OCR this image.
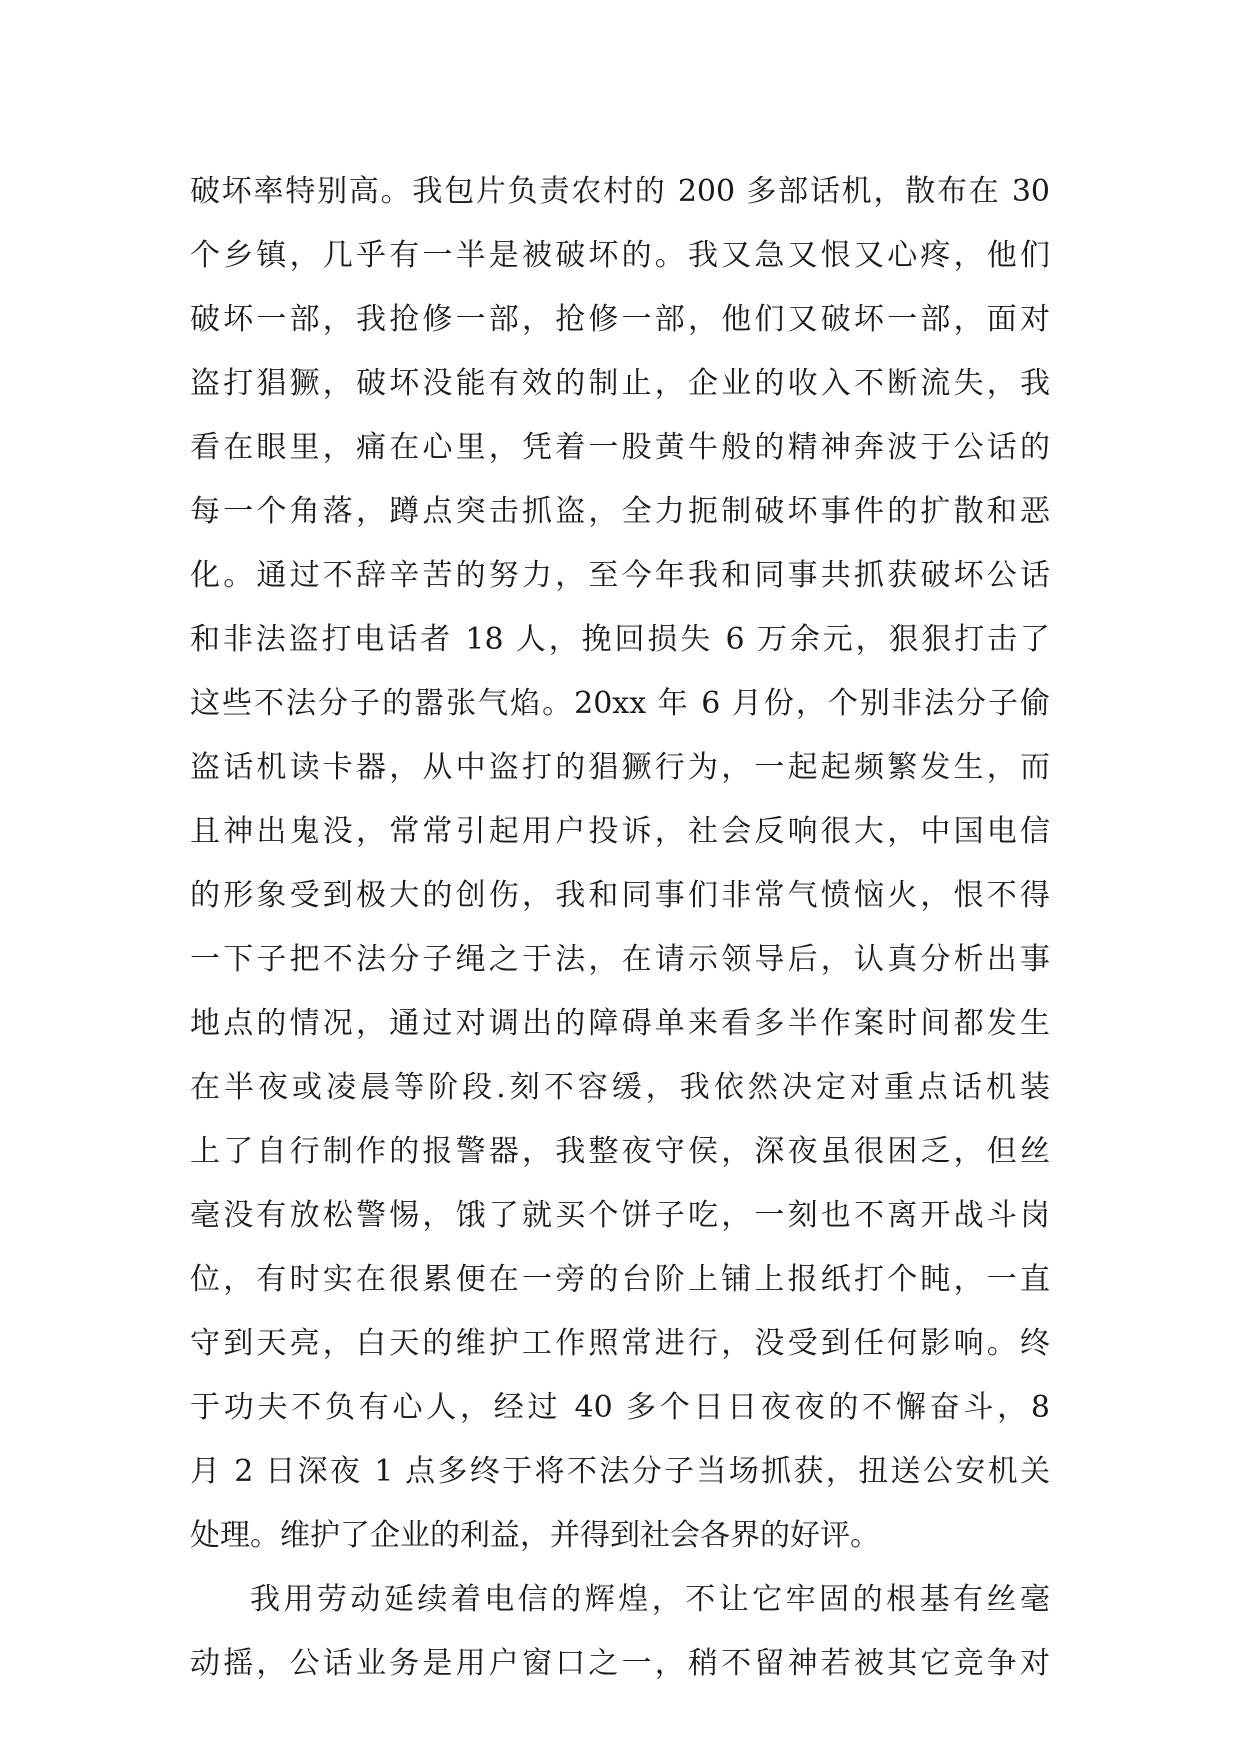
破坏率特别高。我包片负责农村的 200 多部话机，散布在 30
个乡镇，几乎有一半是被破坏的。我又急又恨又心疼，他们
破坏一部，我抢修一部，抢修一部，他们又破坏一部，面对
盗打猖獗，破坏没能有效的制止，企业的收入不断流失，我
看在眼里，痛在心里，凭着一股黄牛般的精神奔波于公话的
每一个角落，蹲点突击抓盗，全力扼制破坏事件的扩散和恶
化。通过不辞辛苦的努力，至今年我和同事共抓获破坏公话
和非法盗打电话者 18 人，挽回损失 6 万余元，狠狠打击了
这些不法分子的嚣张气焰。20xx 年 6 月份，个别非法分子偷
盗话机读卡器，从中盗打的猖獗行为，一起起频繁发生，而
且神出鬼没，常常引起用户投诉，社会反响很大，中国电信
的形象受到极大的创伤，我和同事们非常气愤恼火，恨不得
一下子把不法分子绳之于法，在请示领导后，认真分析出事
地点的情况，通过对调出的障碍单来看多半作案时间都发生
在半夜或凌晨等阶段.刻不容缓，我依然决定对重点话机装
上了自行制作的报警器，我整夜守侯，深夜虽很困乏，但丝
毫没有放松警惕，饿了就买个饼子吃，一刻也不离开战斗岗
位，有时实在很累便在一旁的台阶上铺上报纸打个盹，一直
守到天亮，白天的维护工作照常进行，没受到任何影响。终
于功夫不负有心人，经过 40 多个日日夜夜的不懈奋斗，8
月 2 日深夜 1 点多终于将不法分子当场抓获，扭送公安机关
处理。维护了企业的利益，并得到社会各界的好评。
我用劳动延续着电信的辉煌，不让它牢固的根基有丝毫
动摇，公话业务是用户窗口之一，稍不留神若被其它竞争对
